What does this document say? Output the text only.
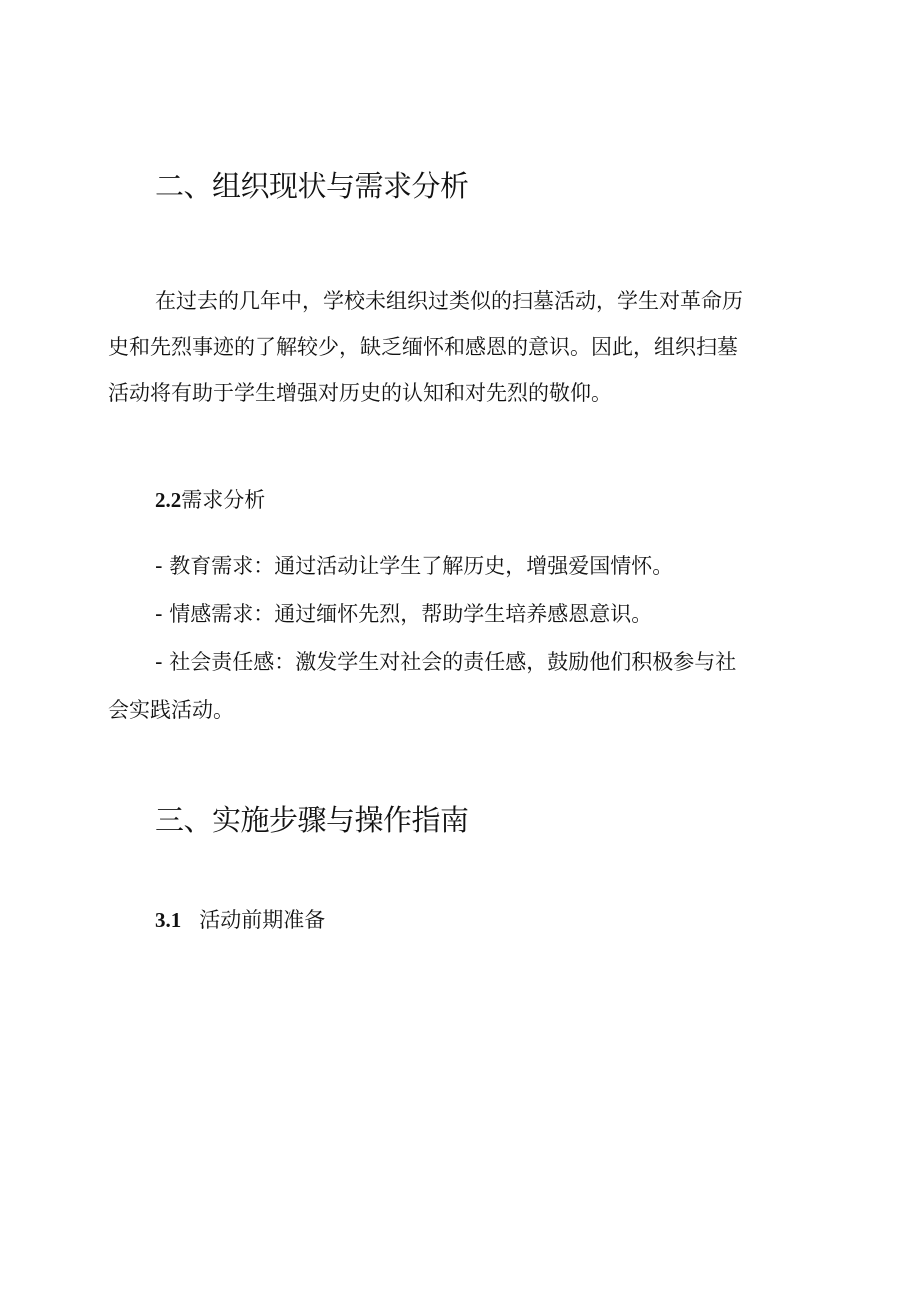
二、组织现状与需求分析
在过去的几年中，学校未组织过类似的扫墓活动，学生对革命历
史和先烈事迹的了解较少，缺乏缅怀和感恩的意识。因此，组织扫墓
活动将有助于学生增强对历史的认知和对先烈的敬仰。
2.2需求分析
- 教育需求：通过活动让学生了解历史，增强爱国情怀。
- 情感需求：通过缅怀先烈，帮助学生培养感恩意识。
- 社会责任感：激发学生对社会的责任感，鼓励他们积极参与社
会实践活动。
三、实施步骤与操作指南
3.1 活动前期准备
